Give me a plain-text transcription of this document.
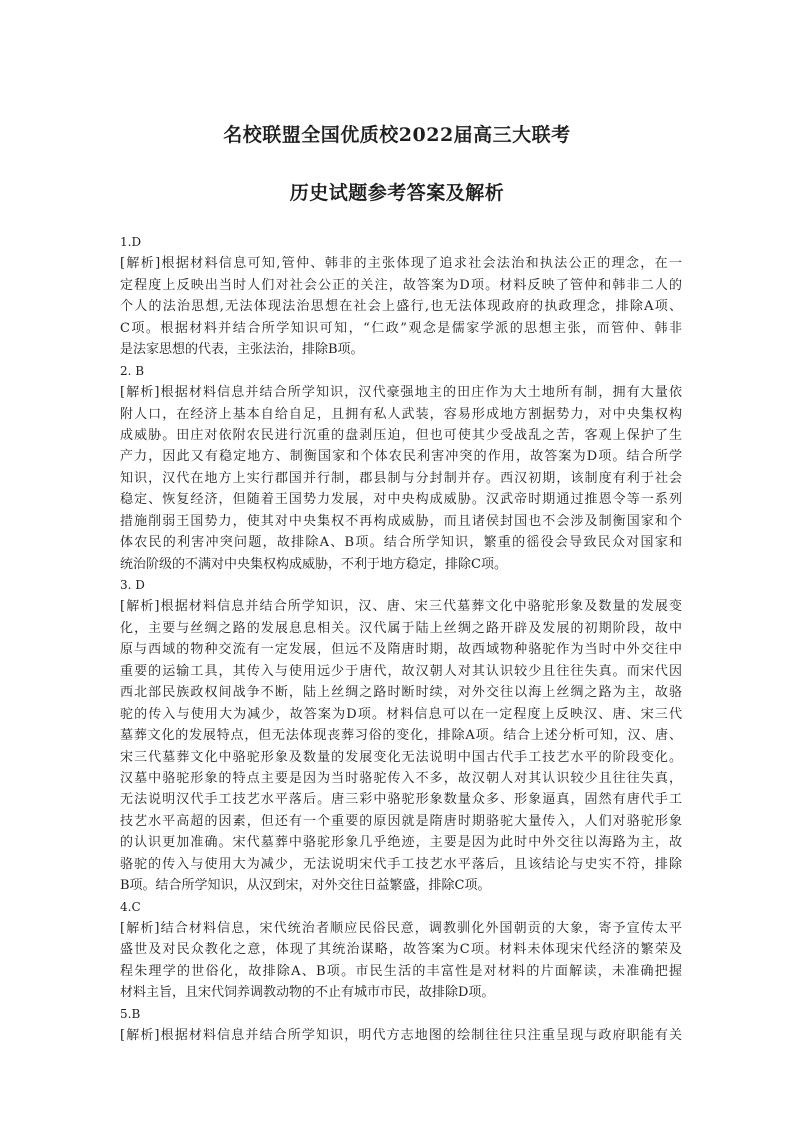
名校联盟全国优质校2022届高三大联考
历史试题参考答案及解析
1.D
[解析]根据材料信息可知,管仲、韩非的主张体现了追求社会法治和执法公正的理念，在一
定程度上反映出当时人们对社会公正的关注，故答案为D项。材料反映了管仲和韩非二人的
个人的法治思想,无法体现法治思想在社会上盛行,也无法体现政府的执政理念，排除A项、
C项。根据材料并结合所学知识可知，“仁政”观念是儒家学派的思想主张，而管仲、韩非
是法家思想的代表，主张法治，排除B项。
2. B
[解析]根据材料信息并结合所学知识，汉代豪强地主的田庄作为大土地所有制，拥有大量依
附人口，在经济上基本自给自足，且拥有私人武装，容易形成地方割据势力，对中央集权构
成威胁。田庄对依附农民进行沉重的盘剥压迫，但也可使其少受战乱之苦，客观上保护了生
产力，因此又有稳定地方、制衡国家和个体农民利害冲突的作用，故答案为D项。结合所学
知识，汉代在地方上实行郡国并行制，郡县制与分封制并存。西汉初期，该制度有利于社会
稳定、恢复经济，但随着王国势力发展，对中央构成威胁。汉武帝时期通过推恩令等一系列
措施削弱王国势力，使其对中央集权不再构成威胁，而且诸侯封国也不会涉及制衡国家和个
体农民的利害冲突问题，故排除A、B项。结合所学知识，繁重的徭役会导致民众对国家和
统治阶级的不满对中央集权构成威胁，不利于地方稳定，排除C项。
3. D
[解析]根据材料信息并结合所学知识，汉、唐、宋三代墓葬文化中骆驼形象及数量的发展变
化，主要与丝绸之路的发展息息相关。汉代属于陆上丝绸之路开辟及发展的初期阶段，故中
原与西域的物种交流有一定发展，但远不及隋唐时期，故西域物种骆驼作为当时中外交往中
重要的运输工具，其传入与使用远少于唐代，故汉朝人对其认识较少且往往失真。而宋代因
西北部民族政权间战争不断，陆上丝绸之路时断时续，对外交往以海上丝绸之路为主，故骆
驼的传入与使用大为减少，故答案为D项。材料信息可以在一定程度上反映汉、唐、宋三代
墓葬文化的发展特点，但无法体现丧葬习俗的变化，排除A项。结合上述分析可知，汉、唐、
宋三代墓葬文化中骆驼形象及数量的发展变化无法说明中国古代手工技艺水平的阶段变化。
汉墓中骆驼形象的特点主要是因为当时骆驼传入不多，故汉朝人对其认识较少且往往失真，
无法说明汉代手工技艺水平落后。唐三彩中骆驼形象数量众多、形象逼真，固然有唐代手工
技艺水平高超的因素，但还有一个重要的原因就是隋唐时期骆驼大量传入，人们对骆驼形象
的认识更加准确。宋代墓葬中骆驼形象几乎绝迹，主要是因为此时中外交往以海路为主，故
骆驼的传入与使用大为减少，无法说明宋代手工技艺水平落后，且该结论与史实不符，排除
B项。结合所学知识，从汉到宋，对外交往日益繁盛，排除C项。
4.C
[解析]结合材料信息，宋代统治者顺应民俗民意，调教驯化外国朝贡的大象，寄予宣传太平
盛世及对民众教化之意，体现了其统治谋略，故答案为C项。材料未体现宋代经济的繁荣及
程朱理学的世俗化，故排除A、B项。市民生活的丰富性是对材料的片面解读，未准确把握
材料主旨，且宋代饲养调教动物的不止有城市市民，故排除D项。
5.B
[解析]根据材料信息并结合所学知识，明代方志地图的绘制往往只注重呈现与政府职能有关
